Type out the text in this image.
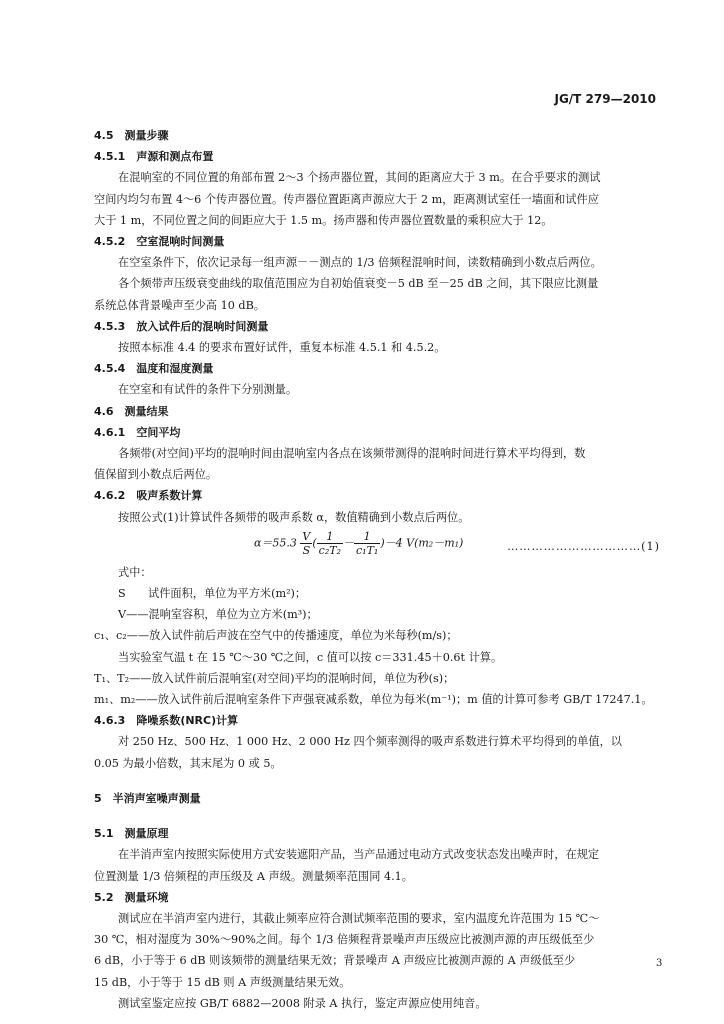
JG/T 279—2010
4.5　测量步骤
4.5.1　声源和测点布置
在混响室的不同位置的角部布置 2～3 个扬声器位置，其间的距离应大于 3 m。在合乎要求的测试
空间内均匀布置 4～6 个传声器位置。传声器位置距离声源应大于 2 m，距离测试室任一墙面和试件应
大于 1 m，不同位置之间的间距应大于 1.5 m。扬声器和传声器位置数量的乘积应大于 12。
4.5.2　空室混响时间测量
在空室条件下，依次记录每一组声源－－测点的 1/3 倍频程混响时间，读数精确到小数点后两位。
各个频带声压级衰变曲线的取值范围应为自初始值衰变－5 dB 至－25 dB 之间，其下限应比测量
系统总体背景噪声至少高 10 dB。
4.5.3　放入试件后的混响时间测量
按照本标准 4.4 的要求布置好试件，重复本标准 4.5.1 和 4.5.2。
4.5.4　温度和湿度测量
在空室和有试件的条件下分别测量。
4.6　测量结果
4.6.1　空间平均
各频带(对空间)平均的混响时间由混响室内各点在该频带测得的混响时间进行算术平均得到，数
值保留到小数点后两位。
4.6.2　吸声系数计算
按照公式(1)计算试件各频带的吸声系数 α，数值精确到小数点后两位。
$\alpha=55.3 \frac{V}{S}$ ( $\frac{1}{\text{c₂T₂}} - \frac{1}{\text{c₁T₁}} )-4$ V(m₂－m₁)	……………………………(1)
式中：
S　　试件面积，单位为平方米(m²)；
V——混响室容积，单位为立方米(m³)；
c₁、c₂——放入试件前后声波在空气中的传播速度，单位为米每秒(m/s)；
当实验室气温 t 在 15 ℃～30 ℃之间，c 值可以按 c＝331.45＋0.6t 计算。
T₁、T₂——放入试件前后混响室(对空间)平均的混响时间，单位为秒(s)；
m₁、m₂——放入试件前后混响室条件下声强衰减系数，单位为每米(m⁻¹)；m 值的计算可参考 GB/T 17247.1。
4.6.3　降噪系数(NRC)计算
对 250 Hz、500 Hz、1 000 Hz、2 000 Hz 四个频率测得的吸声系数进行算术平均得到的单值，以
0.05 为最小倍数，其末尾为 0 或 5。
5　半消声室噪声测量
5.1　测量原理
在半消声室内按照实际使用方式安装遮阳产品，当产品通过电动方式改变状态发出噪声时，在规定
位置测量 1/3 倍频程的声压级及 A 声级。测量频率范围同 4.1。
5.2　测量环境
测试应在半消声室内进行，其截止频率应符合测试频率范围的要求，室内温度允许范围为 15 ℃～
30 ℃，相对湿度为 30%～90%之间。每个 1/3 倍频程背景噪声声压级应比被测声源的声压级低至少
6 dB，小于等于 6 dB 则该频带的测量结果无效；背景噪声 A 声级应比被测声源的 A 声级低至少
15 dB，小于等于 15 dB 则 A 声级测量结果无效。
测试室鉴定应按 GB/T 6882—2008 附录 A 执行，鉴定声源应使用纯音。
3
